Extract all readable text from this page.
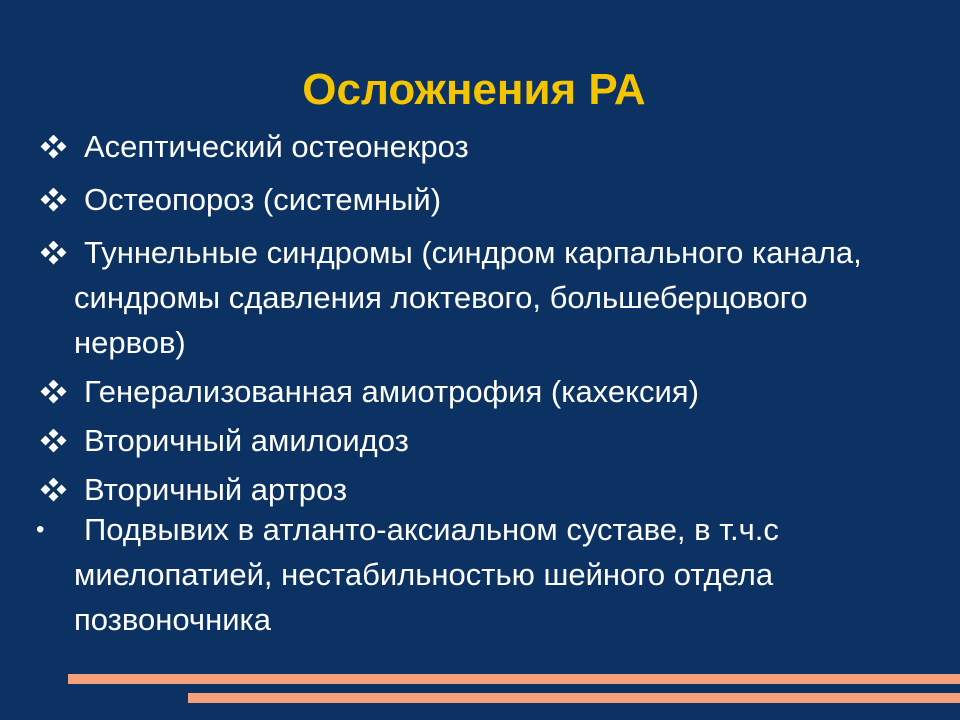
Осложнения РА
Асептический остеонекроз
Остеопороз (системный)
Туннельные синдромы (синдром карпального канала, синдромы сдавления локтевого, большеберцового нервов)
Генерализованная амиотрофия (кахексия)
Вторичный амилоидоз
Вторичный артроз
•	Подвывих в атланто-аксиальном суставе, в т.ч.с миелопатией, нестабильностью шейного отдела позвоночника
